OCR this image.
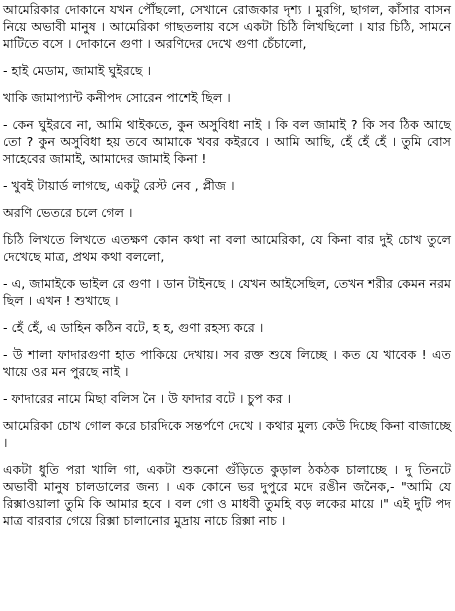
আমেরিকার দোকানে যখন পৌঁছলো, সেখানে রোজকার দৃশ্য । মুরগি, ছাগল, কাঁসার বাসন নিয়ে অভাবী মানুষ । আমেরিকা গাছতলায় বসে একটা চিঠি লিখছিলো । যার চিঠি, সামনে মাটিতে বসে । দোকানে গুণা । অরণিদের দেখে গুণা চেঁচালো,

- হাই মেডাম, জামাই ঘুইরছে ।

খাকি জামাপ্যান্ট কনীপদ সোরেন পাশেই ছিল ।

- কেন ঘুইরবে না, আমি থাইকতে, কুন অসুবিধা নাই । কি বল জামাই ? কি সব ঠিক আছে তো ? কুন অসুবিধা হয় তবে আমাকে খবর কইরবে । আমি আছি, হেঁ হেঁ হেঁ । তুমি বোস সাহেবের জামাই, আমাদের জামাই কিনা !

- খুবই টায়ার্ড লাগছে, একটু রেস্ট নেব , প্লীজ ।

অরণি ভেতরে চলে গেল ।

চিঠি লিখতে লিখতে এতক্ষণ কোন কথা না বলা আমেরিকা, যে কিনা বার দুই চোখ তুলে দেখেছে মাত্র, প্রথম কথা বললো,

- এ, জামাইকে ভাইল রে গুণা । ডান টাইনছে । যেখন আইসেছিল, তেখন শরীর কেমন নরম ছিল । এখন ! শুখাছে ।

- হেঁ হেঁ, এ ডাহিন কঠিন বটে, হ হ, গুণা রহস্য করে ।

- উ শালা ফাদারগুণা হাত পাকিয়ে দেখায়। সব রক্ত শুষে লিচ্ছে । কত যে খাবেক ! এত খায়ে ওর মন পুরছে নাই ।

- ফাদারের নামে মিছা বলিস নৈ । উ ফাদার বটে । চুপ কর ।

আমেরিকা চোখ গোল করে চারদিকে সন্তর্পণে দেখে । কথার মুল্য কেউ দিচ্ছে কিনা বাজাচ্ছে ।

একটা ধুতি পরা খালি গা, একটা শুকনো গুঁড়িতে কুড়াল ঠকঠক চালাচ্ছে । দু তিনটে অভাবী মানুষ চালডালের জন্য । এক কোনে ভর দুপুরে মদে রঙীন জনৈক,- "আমি যে রিক্সাওয়ালা তুমি কি আমার হবে । বল গো ও মাধবী তুমহি বড় লকের মায়ে ।" এই দুটি পদ মাত্র বারবার গেয়ে রিক্সা চালানোর মুদ্রায় নাচে রিক্সা নাচ ।
